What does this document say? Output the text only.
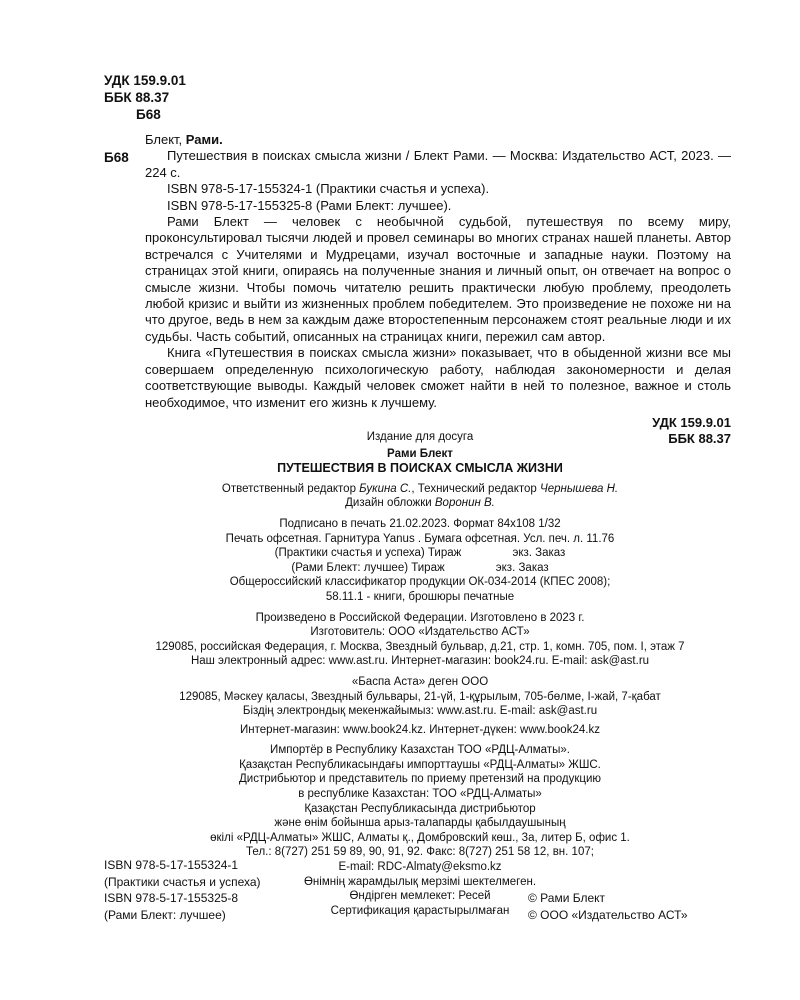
УДК 159.9.01
ББК 88.37
Б68
Б68

Блект, Рами.

Путешествия в поисках смысла жизни / Блект Рами. — Москва: Издательство АСТ, 2023. — 224 с.

ISBN 978-5-17-155324-1 (Практики счастья и успеха).

ISBN 978-5-17-155325-8 (Рами Блект: лучшее).

Рами Блект — человек с необычной судьбой, путешествуя по всему миру, проконсультировал тысячи людей и провел семинары во многих странах нашей планеты. Автор встречался с Учителями и Мудрецами, изучал восточные и западные науки. Поэтому на страницах этой книги, опираясь на полученные знания и личный опыт, он отвечает на вопрос о смысле жизни. Чтобы помочь читателю решить практически любую проблему, преодолеть любой кризис и выйти из жизненных проблем победителем. Это произведение не похоже ни на что другое, ведь в нем за каждым даже второстепенным персонажем стоят реальные люди и их судьбы. Часть событий, описанных на страницах книги, пережил сам автор.

Книга «Путешествия в поисках смысла жизни» показывает, что в обыденной жизни все мы совершаем определенную психологическую работу, наблюдая закономерности и делая соответствующие выводы. Каждый человек сможет найти в ней то полезное, важное и столь необходимое, что изменит его жизнь к лучшему.

УДК 159.9.01

ББК 88.37

Издание для досуга
Рами Блект
ПУТЕШЕСТВИЯ В ПОИСКАХ СМЫСЛА ЖИЗНИ
Ответственный редактор Букина С., Технический редактор Чернышева Н.
Дизайн обложки Воронин В.
Подписано в печать 21.02.2023. Формат 84х108 1/32
Печать офсетная. Гарнитура Yanus . Бумага офсетная. Усл. печ. л. 11.76
(Практики счастья и успеха) Тираж                экз. Заказ
(Рами Блект: лучшее) Тираж                экз. Заказ
Общероссийский классификатор продукции ОК-034-2014 (КПЕС 2008);
58.11.1 - книги, брошюры печатные
Произведено в Российской Федерации. Изготовлено в 2023 г.
Изготовитель: ООО «Издательство АСТ»
129085, российская Федерация, г. Москва, Звездный бульвар, д.21, стр. 1, комн. 705, пом. I, этаж 7
Наш электронный адрес: www.ast.ru. Интернет-магазин: book24.ru. E-mail: ask@ast.ru
«Баспа Аста» деген ООО
129085, Мәскеу қаласы, Звездный бульвары, 21-үй, 1-құрылым, 705-бөлме, I-жай, 7-қабат
Біздің электрондық мекенжайымыз: www.ast.ru. E-mail: ask@ast.ru
Интернет-магазин: www.book24.kz. Интернет-дүкен: www.book24.kz
Импортёр в Республику Казахстан ТОО «РДЦ-Алматы».
Қазақстан Республикасындағы импорттаушы «РДЦ-Алматы» ЖШС.
Дистрибьютор и представитель по приему претензий на продукцию
в республике Казахстан: ТОО «РДЦ-Алматы»
Қазақстан Республикасында дистрибьютор
және өнім бойынша арыз-талапарды қабылдаушының
өкілі «РДЦ-Алматы» ЖШС, Алматы қ., Домбровский көш., 3а, литер Б, офис 1.
Тел.: 8(727) 251 59 89, 90, 91, 92. Факс: 8(727) 251 58 12, вн. 107;
E-mail: RDC-Almaty@eksmo.kz
Өнімнің жарамдылық мерзімі шектелмеген.
Өндірген мемлекет: Ресей
Сертификация қарастырылмаған
ISBN 978-5-17-155324-1
(Практики счастья и успеха)
ISBN 978-5-17-155325-8
(Рами Блект: лучшее)
© Рами Блект
© ООО «Издательство АСТ»
